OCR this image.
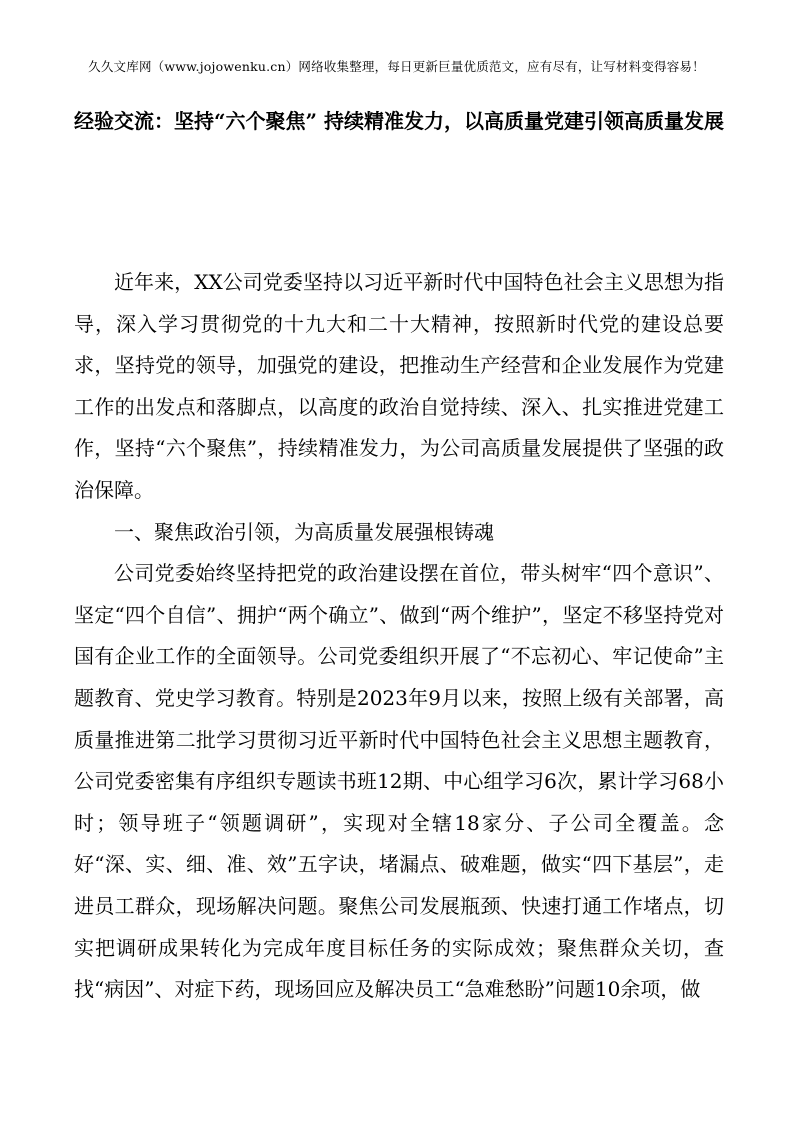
久久文库网（www.jojowenku.cn）网络收集整理，每日更新巨量优质范文，应有尽有，让写材料变得容易！
经验交流：坚持“六个聚焦” 持续精准发力，以高质量党建引领高质量发展

近年来，XX公司党委坚持以习近平新时代中国特色社会主义思想为指导，深入学习贯彻党的十九大和二十大精神，按照新时代党的建设总要求，坚持党的领导，加强党的建设，把推动生产经营和企业发展作为党建工作的出发点和落脚点，以高度的政治自觉持续、深入、扎实推进党建工作，坚持“六个聚焦”，持续精准发力，为公司高质量发展提供了坚强的政治保障。

一、聚焦政治引领，为高质量发展强根铸魂

公司党委始终坚持把党的政治建设摆在首位，带头树牢“四个意识”、坚定“四个自信”、拥护“两个确立”、做到“两个维护”，坚定不移坚持党对国有企业工作的全面领导。公司党委组织开展了“不忘初心、牢记使命”主题教育、党史学习教育。特别是2023年9月以来，按照上级有关部署，高质量推进第二批学习贯彻习近平新时代中国特色社会主义思想主题教育，公司党委密集有序组织专题读书班12期、中心组学习6次，累计学习68小时；领导班子“领题调研”，实现对全辖18家分、子公司全覆盖。念好“深、实、细、准、效”五字诀，堵漏点、破难题，做实“四下基层”，走进员工群众，现场解决问题。聚焦公司发展瓶颈、快速打通工作堵点，切实把调研成果转化为完成年度目标任务的实际成效；聚焦群众关切，查找“病因”、对症下药，现场回应及解决员工“急难愁盼”问题10余项，做
